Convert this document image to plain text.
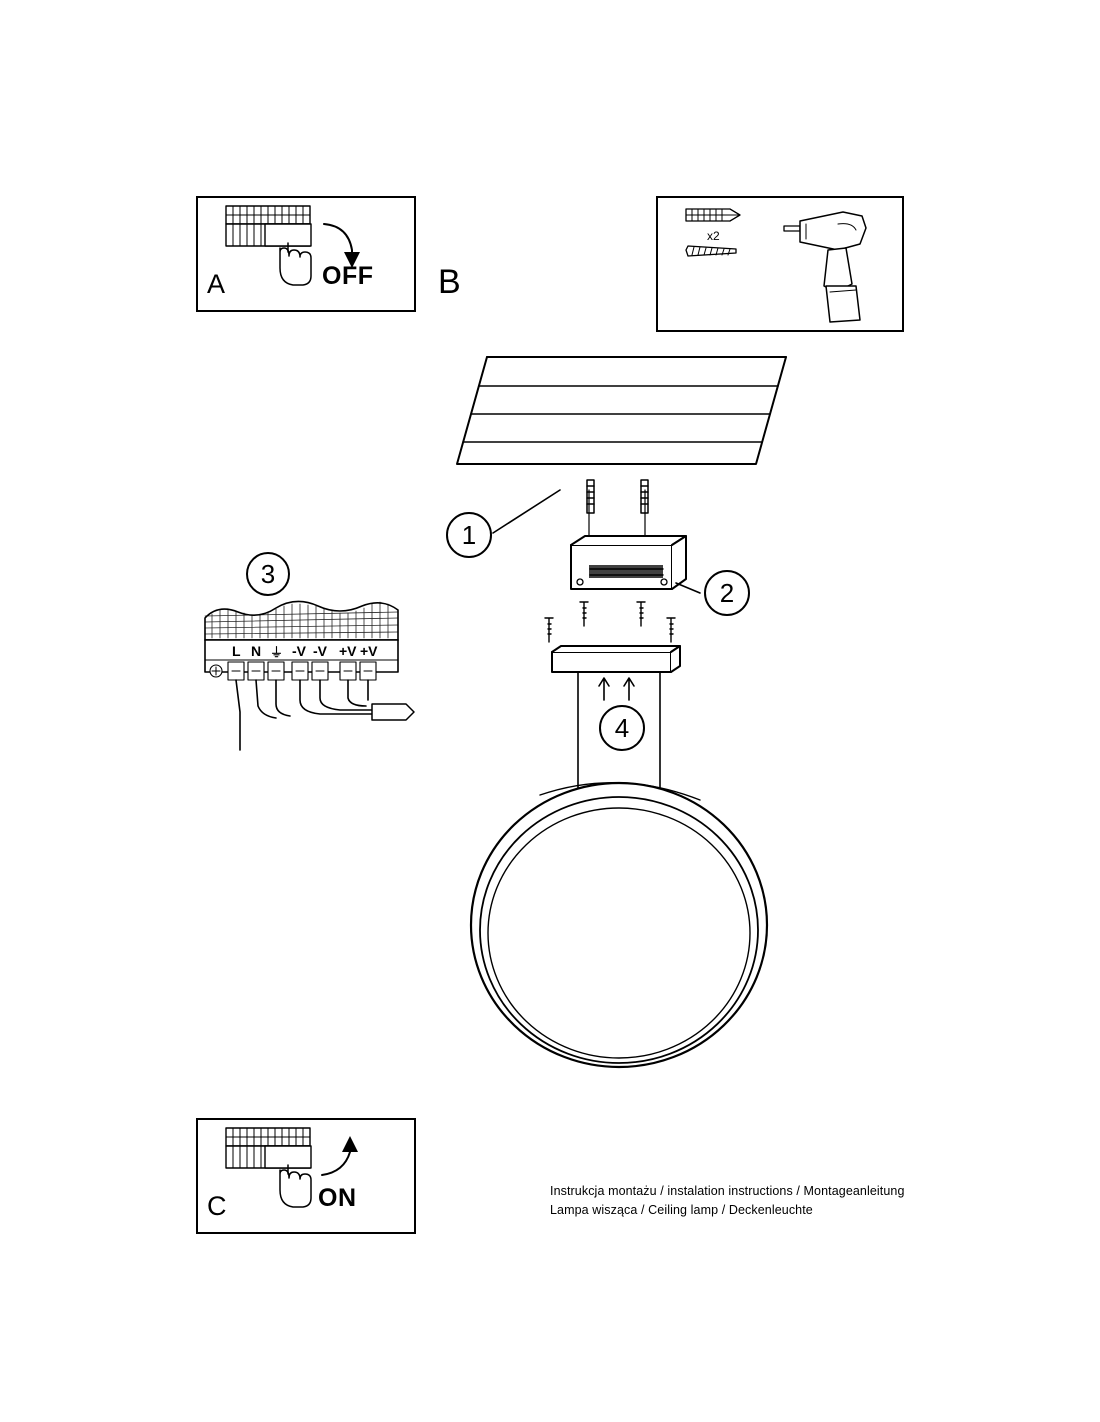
A	OFF B
x2
C	ON
L N ⏚ -V -V +V +V
1
2
3
4
Instrukcja montażu / instalation instructions / Montageanleitung
Lampa wisząca / Ceiling lamp / Deckenleuchte
